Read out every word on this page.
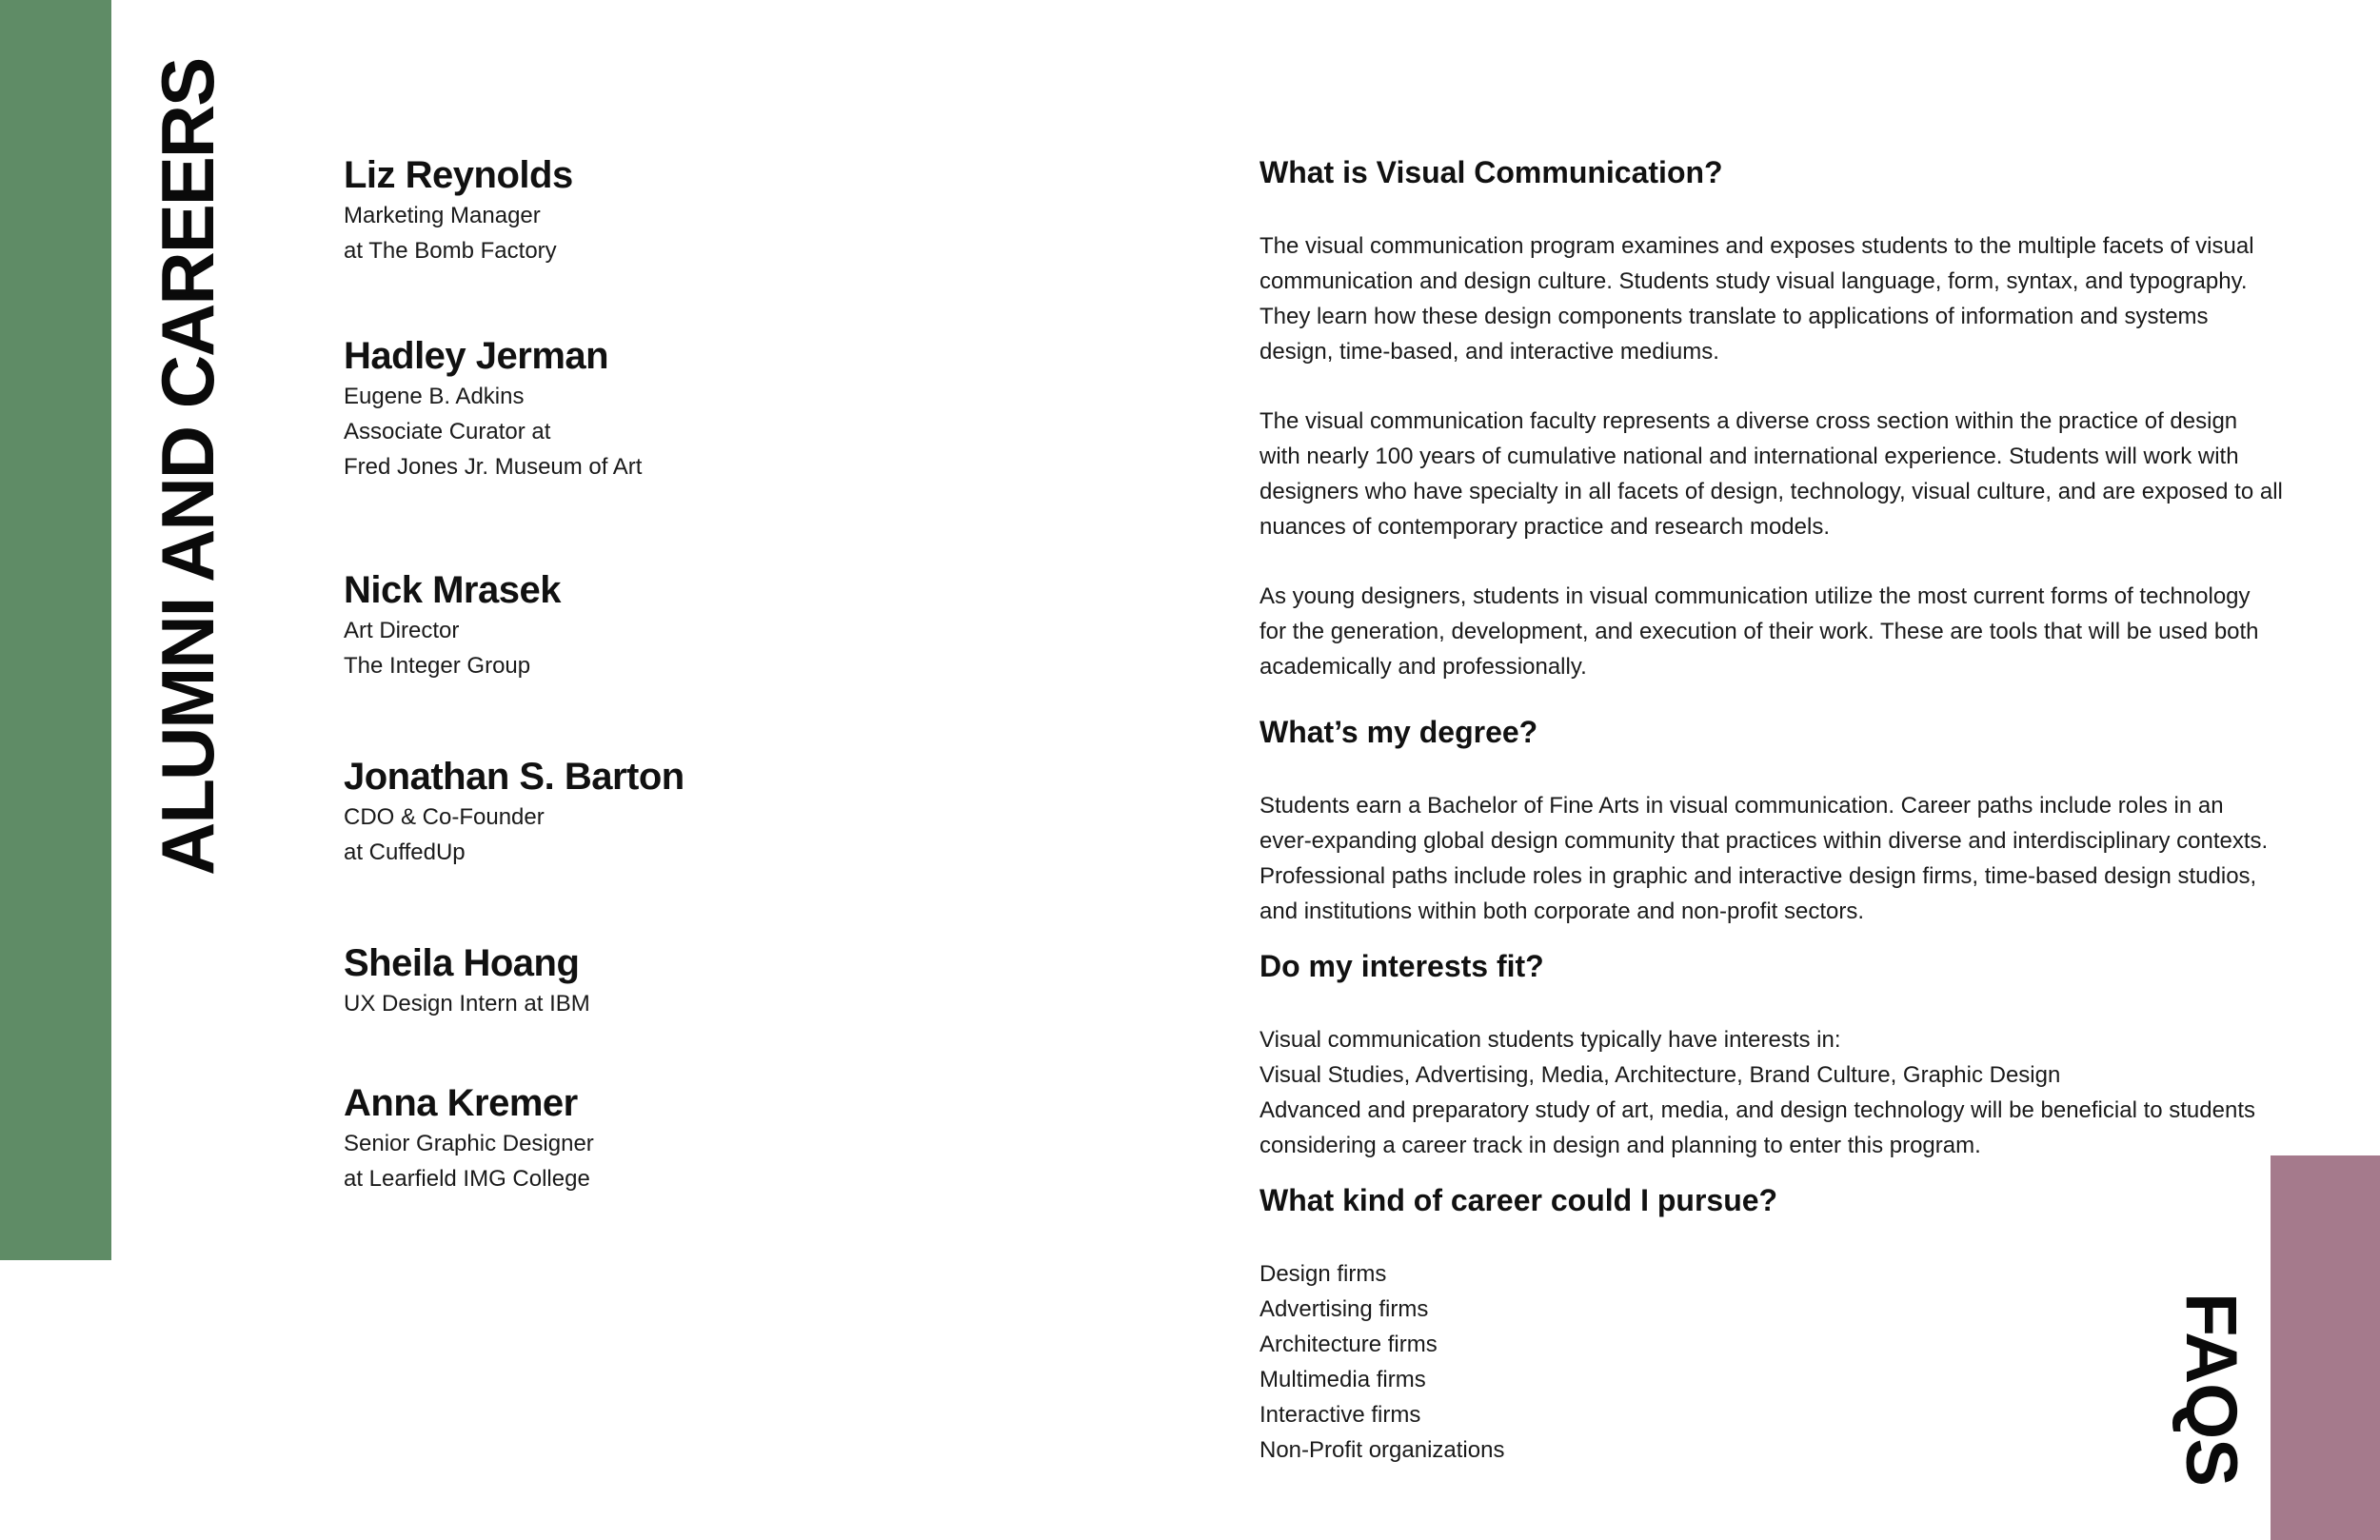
ALUMNI AND CAREERS
FAQS
Liz Reynolds
Marketing Manager
at The Bomb Factory
Hadley Jerman
Eugene B. Adkins
Associate Curator at
Fred Jones Jr. Museum of Art
Nick Mrasek
Art Director
The Integer Group
Jonathan S. Barton
CDO & Co-Founder
at CuffedUp
Sheila Hoang
UX Design Intern at IBM
Anna Kremer
Senior Graphic Designer
at Learfield IMG College
What is Visual Communication?
The visual communication program examines and exposes students to the multiple facets of visual
communication and design culture. Students study visual language, form, syntax, and typography.
They learn how these design components translate to applications of information and systems
design, time-based, and interactive mediums.
The visual communication faculty represents a diverse cross section within the practice of design
with nearly 100 years of cumulative national and international experience. Students will work with
designers who have specialty in all facets of design, technology, visual culture, and are exposed to all
nuances of contemporary practice and research models.
As young designers, students in visual communication utilize the most current forms of technology
for the generation, development, and execution of their work. These are tools that will be used both
academically and professionally.
What’s my degree?
Students earn a Bachelor of Fine Arts in visual communication. Career paths include roles in an
ever-expanding global design community that practices within diverse and interdisciplinary contexts.
Professional paths include roles in graphic and interactive design firms, time-based design studios,
and institutions within both corporate and non-profit sectors.
Do my interests fit?
Visual communication students typically have interests in:
Visual Studies, Advertising, Media, Architecture, Brand Culture, Graphic Design
Advanced and preparatory study of art, media, and design technology will be beneficial to students
considering a career track in design and planning to enter this program.
What kind of career could I pursue?
Design firms
Advertising firms
Architecture firms
Multimedia firms
Interactive firms
Non-Profit organizations
